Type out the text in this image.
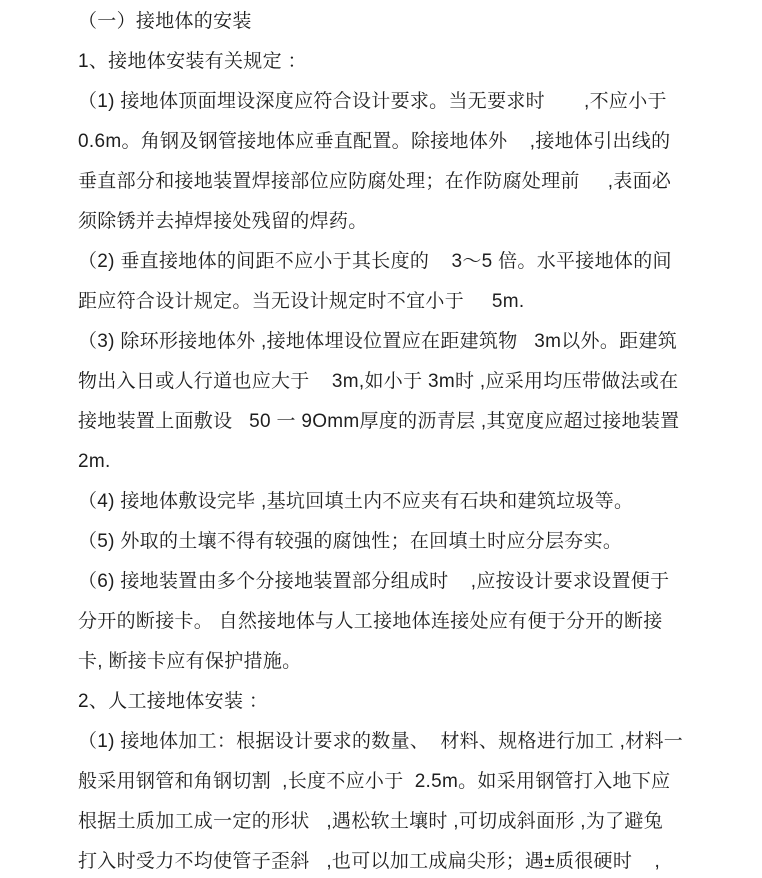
（一）接地体的安装
1、接地体安装有关规定 ：
（1) 接地体顶面埋设深度应符合设计要求。当无要求时       ,不应小于
0.6m。角钢及钢管接地体应垂直配置。除接地体外    ,接地体引出线的
垂直部分和接地装置焊接部位应防腐处理；在作防腐处理前     ,表面必
须除锈并去掉焊接处残留的焊药。
（2) 垂直接地体的间距不应小于其长度的    3～5 倍。水平接地体的间
距应符合设计规定。当无设计规定时不宜小于     5m.
（3) 除环形接地体外 ,接地体埋设位置应在距建筑物   3m以外。距建筑
物出入日或人行道也应大于    3m,如小于 3m时 ,应采用均压带做法或在
接地装置上面敷设   50 一 9Omm厚度的沥青层 ,其宽度应超过接地装置
2m.
（4) 接地体敷设完毕 ,基坑回填土内不应夹有石块和建筑垃圾等。
（5) 外取的土壤不得有较强的腐蚀性；在回填土时应分层夯实。
（6) 接地装置由多个分接地装置部分组成时    ,应按设计要求设置便于
分开的断接卡。 自然接地体与人工接地体连接处应有便于分开的断接
卡, 断接卡应有保护措施。
2、人工接地体安装 ：
（1) 接地体加工：根据设计要求的数量、  材料、规格进行加工 ,材料一
般采用钢管和角钢切割  ,长度不应小于  2.5m。如采用钢管打入地下应
根据土质加工成一定的形状   ,遇松软土壤时 ,可切成斜面形 ,为了避兔
打入时受力不均使管子歪斜   ,也可以加工成扁尖形；遇±质很硬时    ,
